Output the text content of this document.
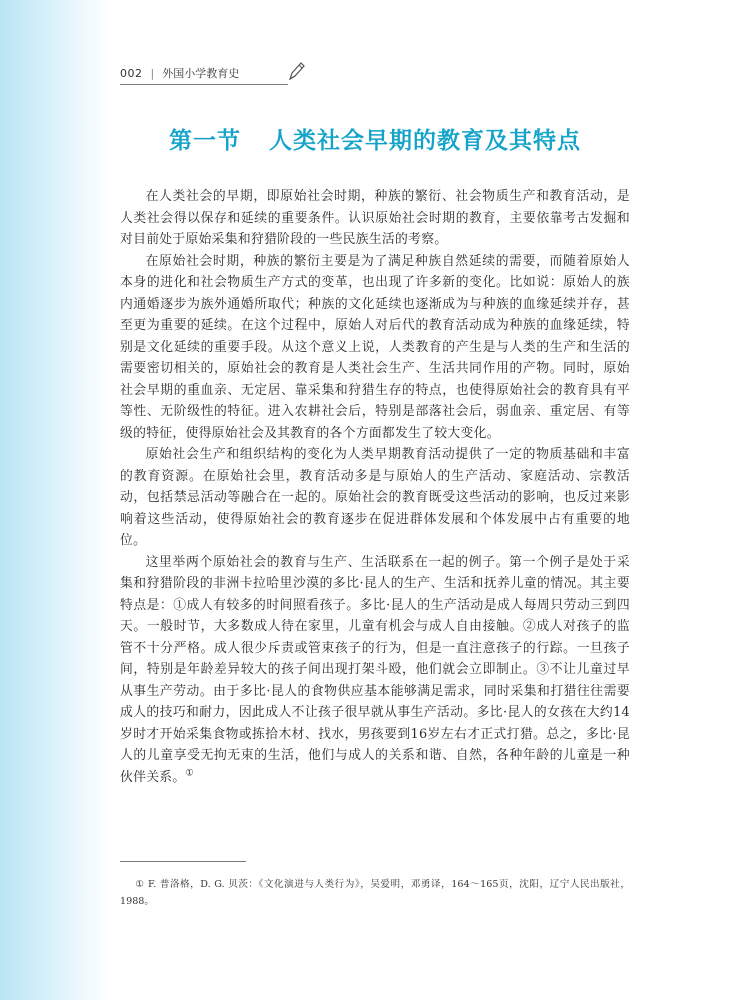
002 | 外国小学教育史
第一节 人类社会早期的教育及其特点

在人类社会的早期，即原始社会时期，种族的繁衍、社会物质生产和教育活动，是人类社会得以保存和延续的重要条件。认识原始社会时期的教育，主要依靠考古发掘和对目前处于原始采集和狩猎阶段的一些民族生活的考察。

在原始社会时期，种族的繁衍主要是为了满足种族自然延续的需要，而随着原始人本身的进化和社会物质生产方式的变革，也出现了许多新的变化。比如说：原始人的族内通婚逐步为族外通婚所取代；种族的文化延续也逐渐成为与种族的血缘延续并存，甚至更为重要的延续。在这个过程中，原始人对后代的教育活动成为种族的血缘延续，特别是文化延续的重要手段。从这个意义上说，人类教育的产生是与人类的生产和生活的需要密切相关的，原始社会的教育是人类社会生产、生活共同作用的产物。同时，原始社会早期的重血亲、无定居、靠采集和狩猎生存的特点，也使得原始社会的教育具有平等性、无阶级性的特征。进入农耕社会后，特别是部落社会后，弱血亲、重定居、有等级的特征，使得原始社会及其教育的各个方面都发生了较大变化。

原始社会生产和组织结构的变化为人类早期教育活动提供了一定的物质基础和丰富的教育资源。在原始社会里，教育活动多是与原始人的生产活动、家庭活动、宗教活动，包括禁忌活动等融合在一起的。原始社会的教育既受这些活动的影响，也反过来影响着这些活动，使得原始社会的教育逐步在促进群体发展和个体发展中占有重要的地位。

这里举两个原始社会的教育与生产、生活联系在一起的例子。第一个例子是处于采集和狩猎阶段的非洲卡拉哈里沙漠的多比·昆人的生产、生活和抚养儿童的情况。其主要特点是：①成人有较多的时间照看孩子。多比·昆人的生产活动是成人每周只劳动三到四天。一般时节，大多数成人待在家里，儿童有机会与成人自由接触。②成人对孩子的监管不十分严格。成人很少斥责或管束孩子的行为，但是一直注意孩子的行踪。一旦孩子间，特别是年龄差异较大的孩子间出现打架斗殴，他们就会立即制止。③不让儿童过早从事生产劳动。由于多比·昆人的食物供应基本能够满足需求，同时采集和打猎往往需要成人的技巧和耐力，因此成人不让孩子很早就从事生产活动。多比·昆人的女孩在大约14岁时才开始采集食物或拣拾木材、找水，男孩要到16岁左右才正式打猎。总之，多比·昆人的儿童享受无拘无束的生活，他们与成人的关系和谐、自然，各种年龄的儿童是一种伙伴关系。①

① F. 普洛格，D. G. 贝茨：《文化演进与人类行为》，吴爱明，邓勇译，164～165页，沈阳，辽宁人民出版社，1988。
